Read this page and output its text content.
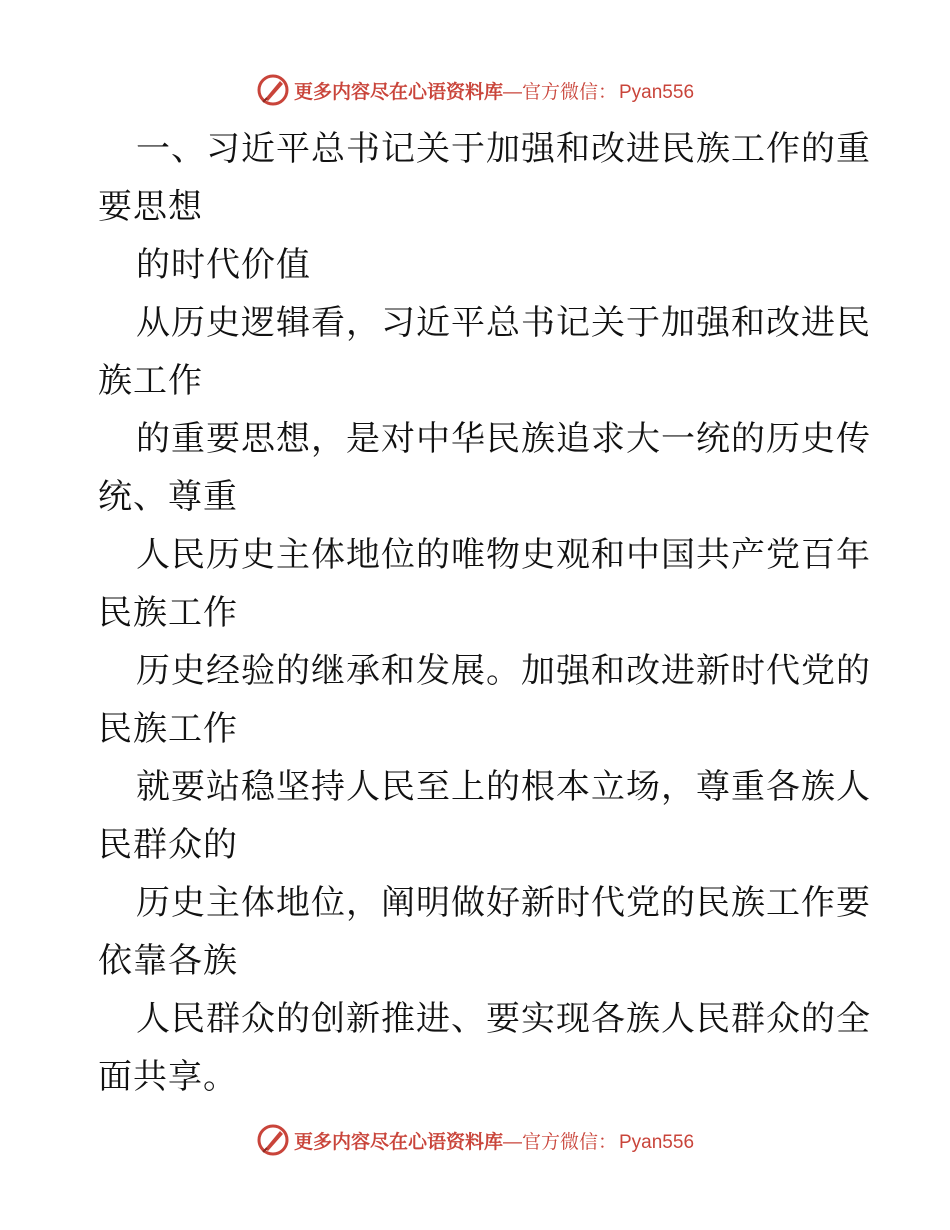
更多内容尽在心语资料库—官方微信： Pyan556
一、习近平总书记关于加强和改进民族工作的重
要思想
的时代价值
从历史逻辑看，习近平总书记关于加强和改进民
族工作
的重要思想，是对中华民族追求大一统的历史传
统、尊重
人民历史主体地位的唯物史观和中国共产党百年
民族工作
历史经验的继承和发展。加强和改进新时代党的
民族工作
就要站稳坚持人民至上的根本立场，尊重各族人
民群众的
历史主体地位，阐明做好新时代党的民族工作要
依靠各族
人民群众的创新推进、要实现各族人民群众的全
面共享。
更多内容尽在心语资料库—官方微信： Pyan556
